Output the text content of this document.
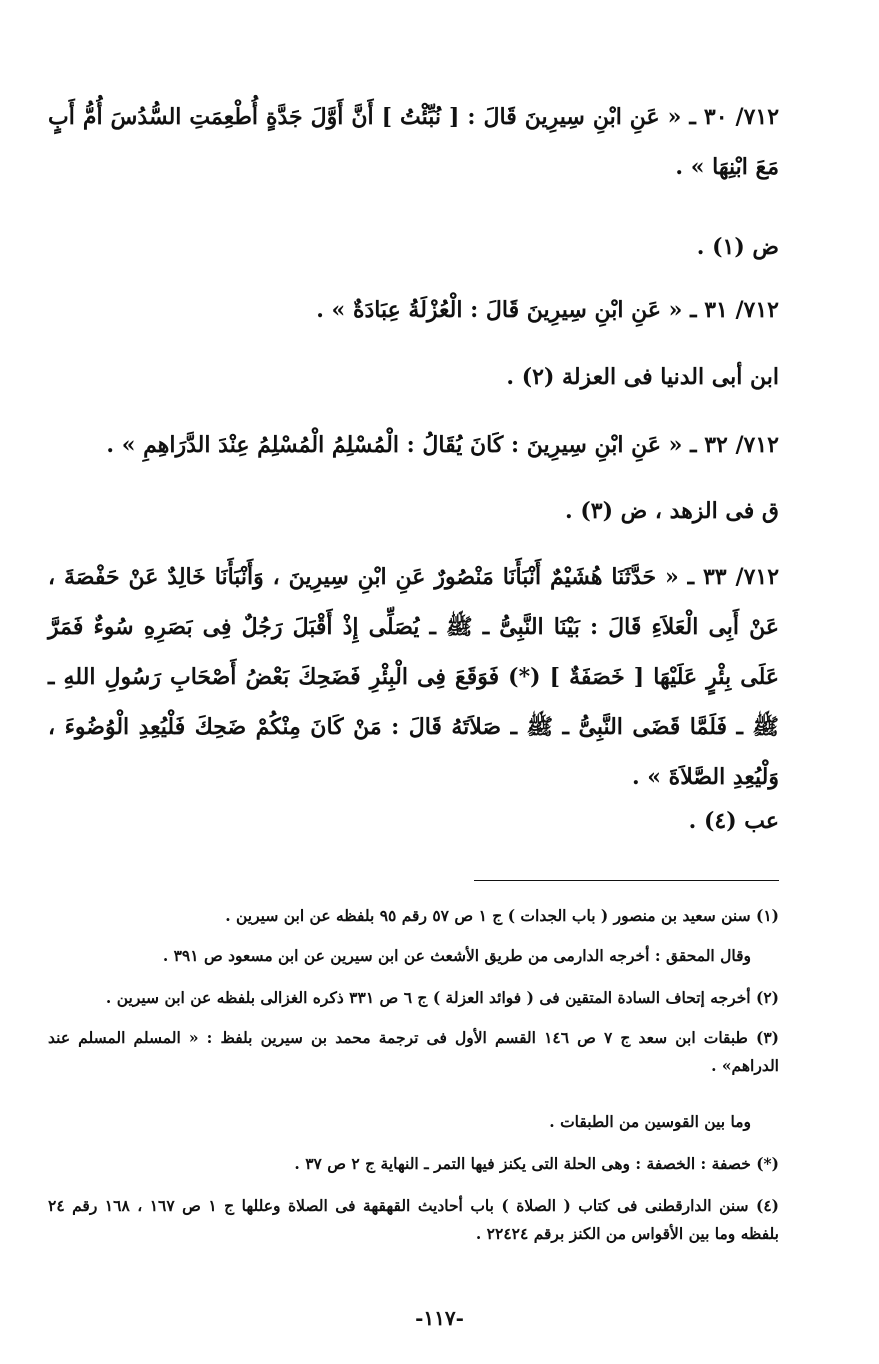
٧١٢/ ٣٠ ـ « عَنِ ابْنِ سِيرِينَ قَالَ : [ نُبِّئْتُ ] أَنَّ أَوَّلَ جَدَّةٍ أُطْعِمَتِ السُّدُسَ أُمُّ أَبٍ مَعَ ابْنِهَا » .

ض (١) .

٧١٢/ ٣١ ـ « عَنِ ابْنِ سِيرِينَ قَالَ : الْعُزْلَةُ عِبَادَةٌ » .

ابن أبى الدنيا فى العزلة (٢) .

٧١٢/ ٣٢ ـ « عَنِ ابْنِ سِيرِينَ : كَانَ يُقَالُ : الْمُسْلِمُ الْمُسْلِمُ عِنْدَ الدَّرَاهِمِ » .

ق فى الزهد ، ض (٣) .

٧١٢/ ٣٣ ـ « حَدَّثَنَا هُشَيْمٌ أَنْبَأَنَا مَنْصُورٌ عَنِ ابْنِ سِيرِينَ ، وَأَنْبَأَنَا خَالِدٌ عَنْ حَفْصَةَ ، عَنْ أَبِى الْعَلاَءِ قَالَ : بَيْنَا النَّبِىُّ ـ ﷺ ـ يُصَلِّى إِذْ أَقْبَلَ رَجُلٌ فِى بَصَرِهِ سُوءٌ فَمَرَّ عَلَى بِئْرٍ عَلَيْهَا [ خَصَفَةٌ ] (*) فَوَقَعَ فِى الْبِئْرِ فَضَحِكَ بَعْضُ أَصْحَابِ رَسُولِ اللهِ ـ ﷺ ـ فَلَمَّا قَضَى النَّبِىُّ ـ ﷺ ـ صَلاَتَهُ قَالَ : مَنْ كَانَ مِنْكُمْ ضَحِكَ فَلْيُعِدِ الْوُضُوءَ ، وَلْيُعِدِ الصَّلاَةَ » .

عب (٤) .

(١) سنن سعيد بن منصور ( باب الجدات ) ج ١ ص ٥٧ رقم ٩٥ بلفظه عن ابن سيرين .

وقال المحقق : أخرجه الدارمى من طريق الأشعث عن ابن سيرين عن ابن مسعود ص ٣٩١ .

(٢) أخرجه إتحاف السادة المتقين فى ( فوائد العزلة ) ج ٦ ص ٣٣١ ذكره الغزالى بلفظه عن ابن سيرين .

(٣) طبقات ابن سعد ج ٧ ص ١٤٦ القسم الأول فى ترجمة محمد بن سيرين بلفظ : « المسلم المسلم عند الدراهم» .

وما بين القوسين من الطبقات .

(*) خصفة : الخصفة : وهى الحلة التى يكنز فيها التمر ـ النهاية ج ٢ ص ٣٧ .

(٤) سنن الدارقطنى فى كتاب ( الصلاة ) باب أحاديث القهقهة فى الصلاة وعللها ج ١ ص ١٦٧ ، ١٦٨ رقم ٢٤ بلفظه وما بين الأقواس من الكنز برقم ٢٢٤٢٤ .

-١١٧-
